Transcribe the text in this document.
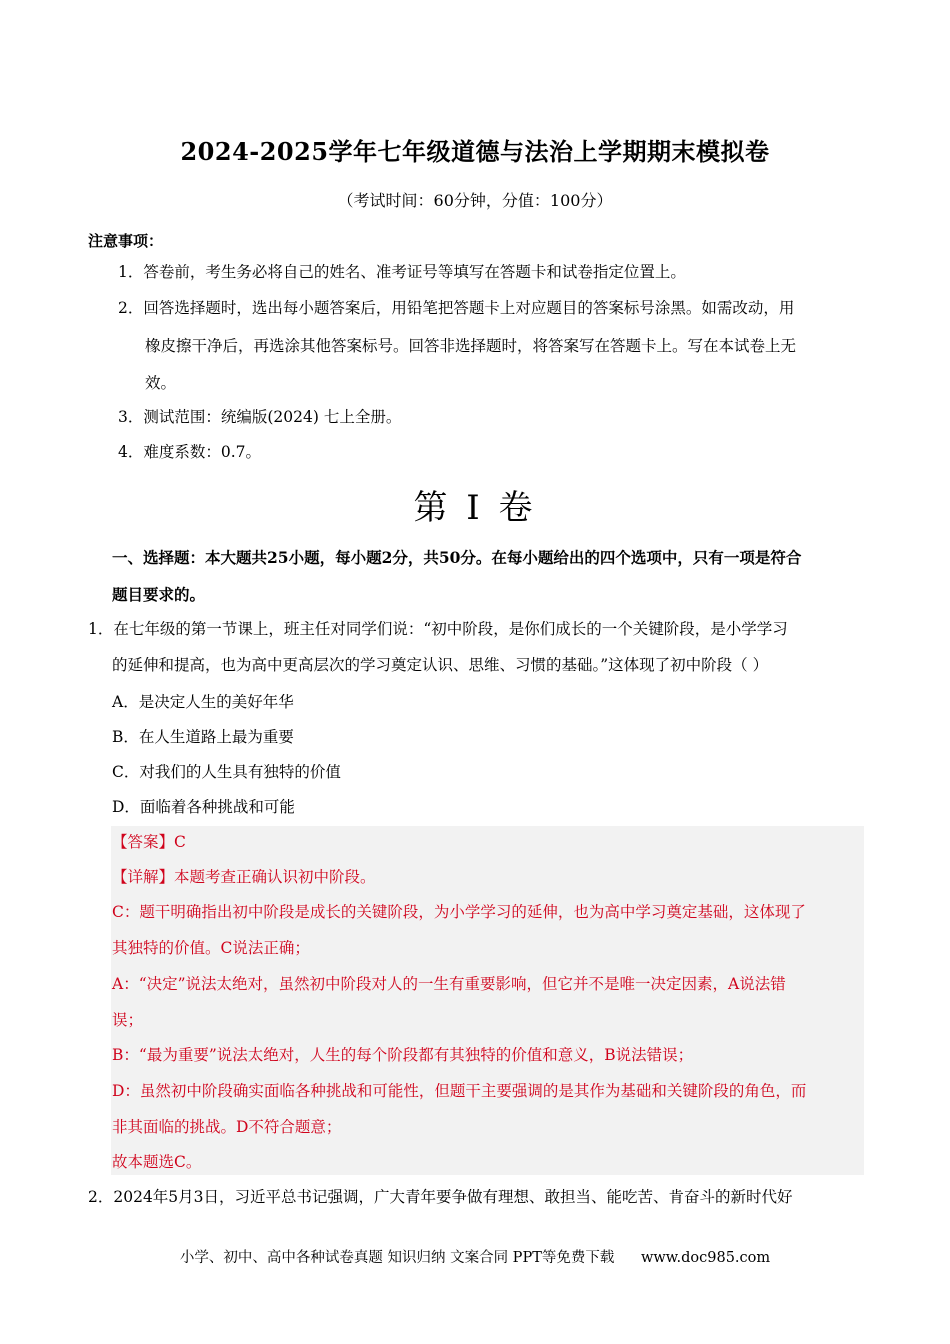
2024-2025学年七年级道德与法治上学期期末模拟卷
（考试时间：60分钟，分值：100分）
注意事项：
1．答卷前，考生务必将自己的姓名、准考证号等填写在答题卡和试卷指定位置上。
2．回答选择题时，选出每小题答案后，用铅笔把答题卡上对应题目的答案标号涂黑。如需改动，用
橡皮擦干净后，再选涂其他答案标号。回答非选择题时，将答案写在答题卡上。写在本试卷上无
效。
3．测试范围：统编版(2024) 七上全册。
4．难度系数：0.7。
第 I 卷
一、选择题：本大题共25小题，每小题2分，共50分。在每小题给出的四个选项中，只有一项是符合
题目要求的。
1．在七年级的第一节课上，班主任对同学们说：“初中阶段，是你们成长的一个关键阶段，是小学学习
的延伸和提高，也为高中更高层次的学习奠定认识、思维、习惯的基础。”这体现了初中阶段（ ）
A．是决定人生的美好年华
B．在人生道路上最为重要
C．对我们的人生具有独特的价值
D．面临着各种挑战和可能
【答案】C
【详解】本题考查正确认识初中阶段。
C：题干明确指出初中阶段是成长的关键阶段，为小学学习的延伸，也为高中学习奠定基础，这体现了
其独特的价值。C说法正确；
A：“决定”说法太绝对，虽然初中阶段对人的一生有重要影响，但它并不是唯一决定因素，A说法错
误；
B：“最为重要”说法太绝对，人生的每个阶段都有其独特的价值和意义，B说法错误；
D：虽然初中阶段确实面临各种挑战和可能性，但题干主要强调的是其作为基础和关键阶段的角色，而
非其面临的挑战。D不符合题意；
故本题选C。
2．2024年5月3日，习近平总书记强调，广大青年要争做有理想、敢担当、能吃苦、肯奋斗的新时代好
小学、初中、高中各种试卷真题 知识归纳 文案合同 PPT等免费下载 www.doc985.com
